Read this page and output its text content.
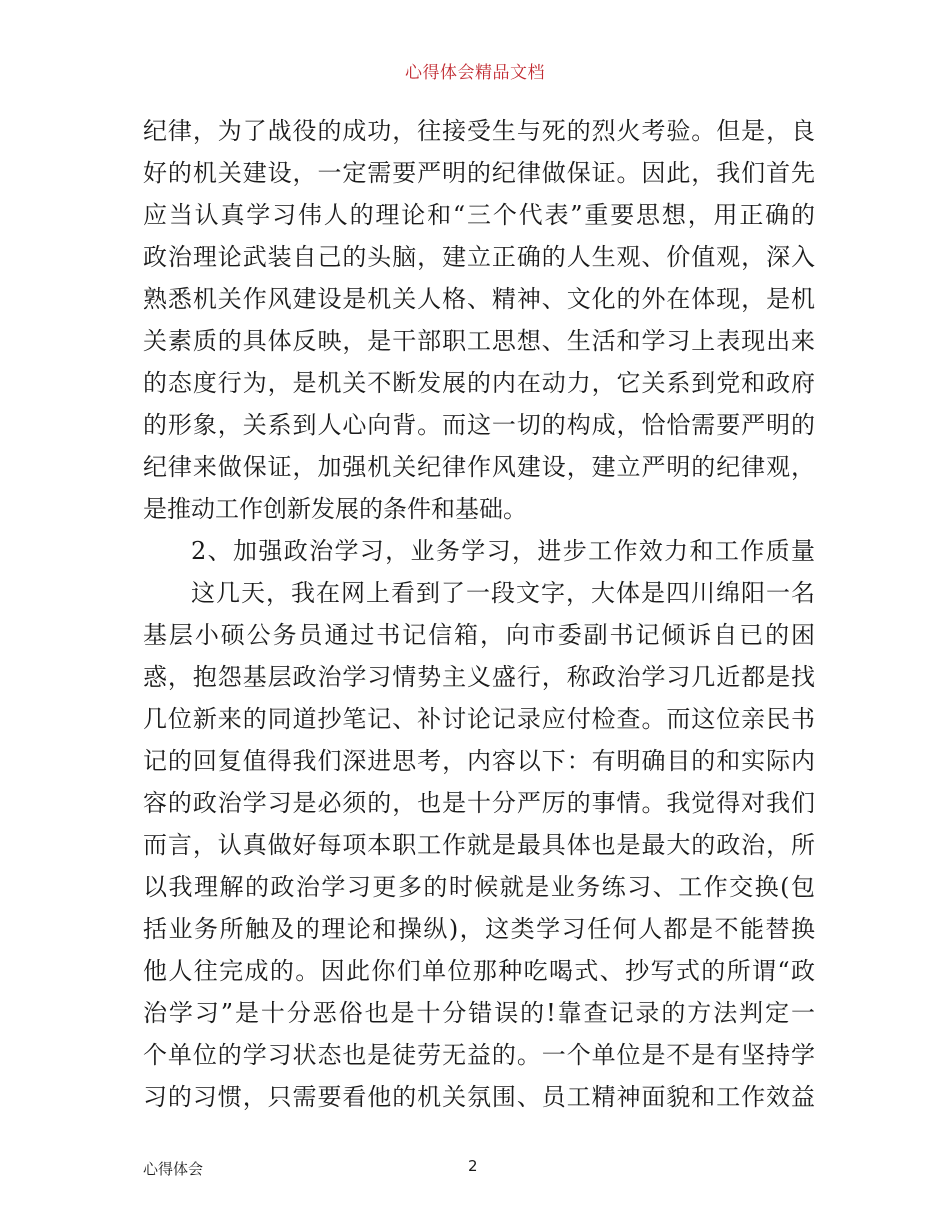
心得体会精品文档
纪律，为了战役的成功，往接受生与死的烈火考验。但是，良
好的机关建设，一定需要严明的纪律做保证。因此，我们首先
应当认真学习伟人的理论和“三个代表”重要思想，用正确的
政治理论武装自己的头脑，建立正确的人生观、价值观，深入
熟悉机关作风建设是机关人格、精神、文化的外在体现，是机
关素质的具体反映，是干部职工思想、生活和学习上表现出来
的态度行为，是机关不断发展的内在动力，它关系到党和政府
的形象，关系到人心向背。而这一切的构成，恰恰需要严明的
纪律来做保证，加强机关纪律作风建设，建立严明的纪律观，
是推动工作创新发展的条件和基础。
2、加强政治学习，业务学习，进步工作效力和工作质量
这几天，我在网上看到了一段文字，大体是四川绵阳一名
基层小硕公务员通过书记信箱，向市委副书记倾诉自已的困
惑，抱怨基层政治学习情势主义盛行，称政治学习几近都是找
几位新来的同道抄笔记、补讨论记录应付检查。而这位亲民书
记的回复值得我们深进思考，内容以下：有明确目的和实际内
容的政治学习是必须的，也是十分严厉的事情。我觉得对我们
而言，认真做好每项本职工作就是最具体也是最大的政治，所
以我理解的政治学习更多的时候就是业务练习、工作交换(包
括业务所触及的理论和操纵)，这类学习任何人都是不能替换
他人往完成的。因此你们单位那种吃喝式、抄写式的所谓“政
治学习”是十分恶俗也是十分错误的!靠查记录的方法判定一
个单位的学习状态也是徒劳无益的。一个单位是不是有坚持学
习的习惯，只需要看他的机关氛围、员工精神面貌和工作效益
心得体会	2
